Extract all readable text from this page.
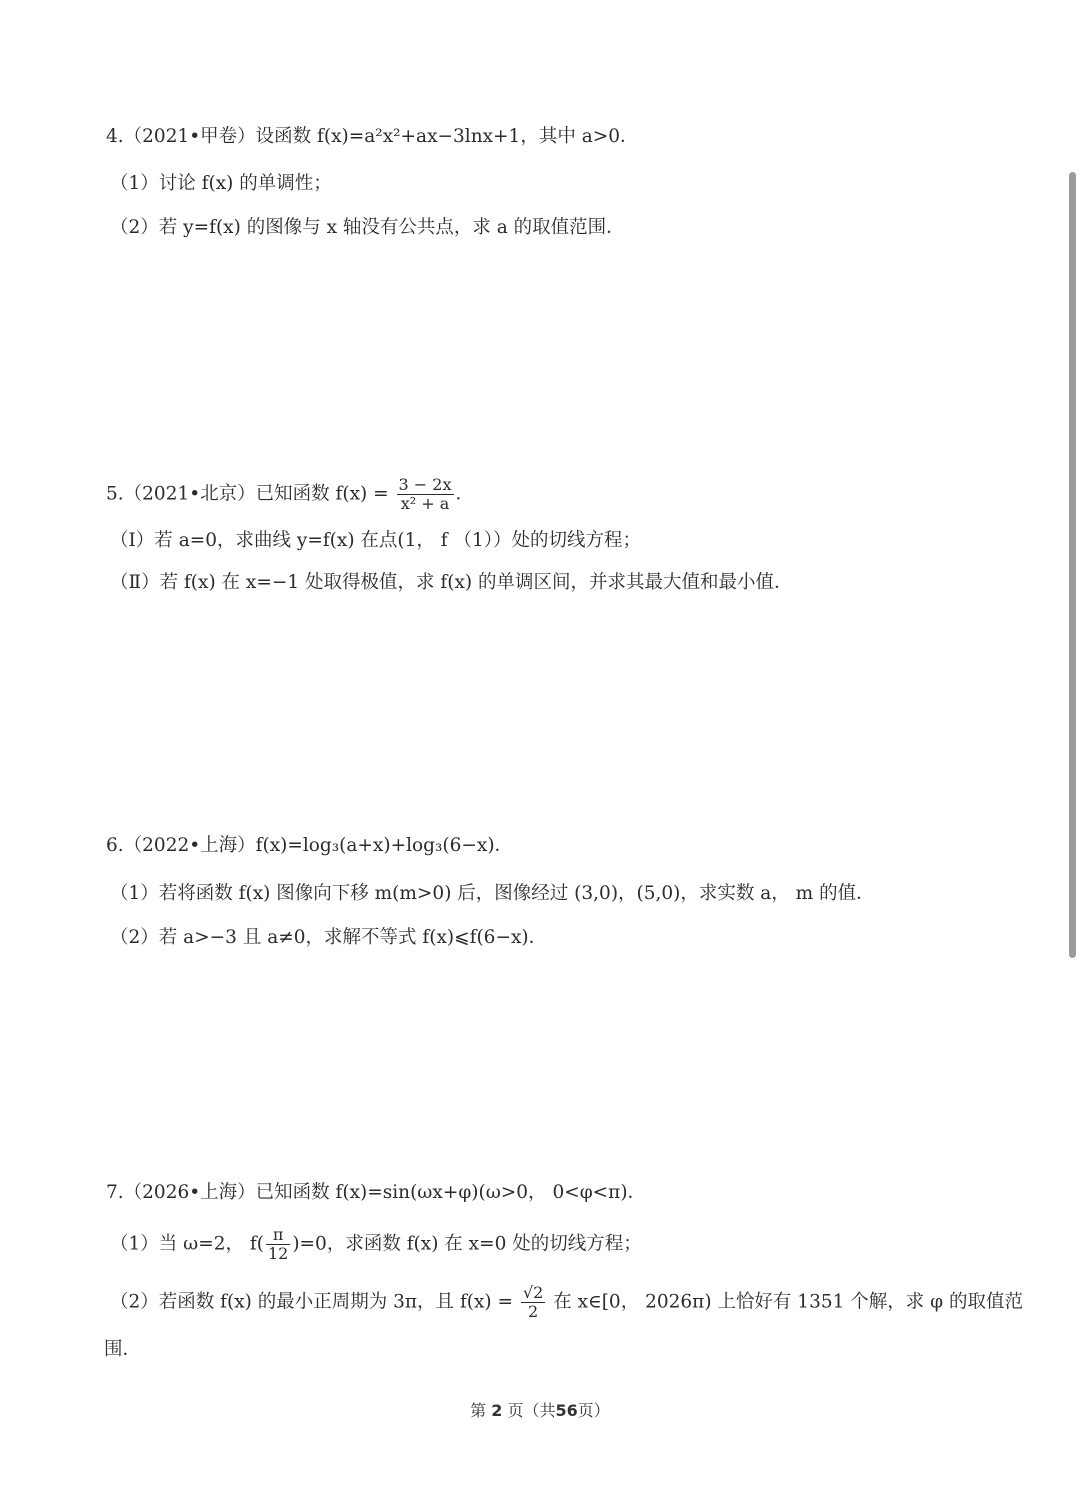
4.（2021•甲卷）设函数 f(x)=a²x²+ax−3lnx+1，其中 a>0．
（1）讨论 f(x) 的单调性；
（2）若 y=f(x) 的图像与 x 轴没有公共点，求 a 的取值范围．
5.（2021•北京）已知函数 $f(x) = \frac{3 - 2x}{\text{x² + a}}$ ．
（Ⅰ）若 a=0，求曲线 y=f(x) 在点(1， f （1））处的切线方程；
（Ⅱ）若 f(x) 在 x=−1 处取得极值，求 f(x) 的单调区间，并求其最大值和最小值．
6.（2022•上海）f(x)=log₃(a+x)+log₃(6−x)．
（1）若将函数 f(x) 图像向下移 m(m>0) 后，图像经过 (3,0)，(5,0)，求实数 a， m 的值．
（2）若 a>−3 且 a≠0，求解不等式 f(x)⩽f(6−x)．
7.（2026•上海）已知函数 f(x)=sin(ωx+φ)(ω>0， 0<φ<π)．
（1）当 ω=2， $f( \frac{\pi}{12} )=0$，求函数 f(x) 在 x=0 处的切线方程；
（2）若函数 f(x) 的最小正周期为 3π，且 $f(x) = \frac{√2}{2}$ 在 x∈[0， 2026π) 上恰好有 1351 个解，求 φ 的取值范
围．
第 2 页（共56页）
